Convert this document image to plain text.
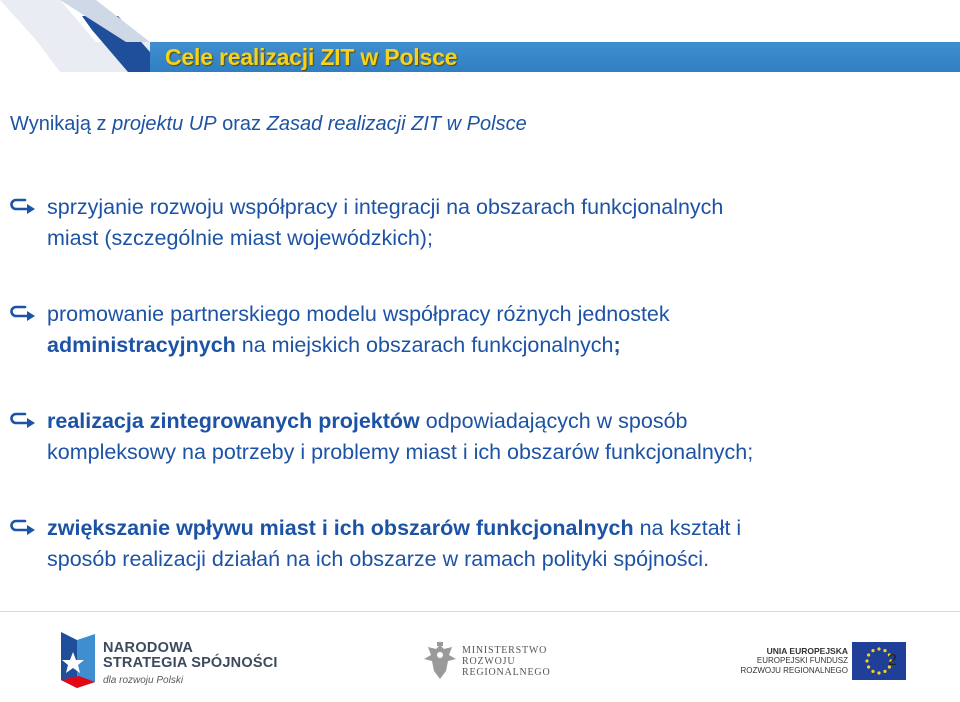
Cele realizacji ZIT w Polsce
Wynikają z projektu UP oraz Zasad realizacji ZIT w Polsce
sprzyjanie rozwoju współpracy i integracji na obszarach funkcjonalnych
miast (szczególnie miast wojewódzkich);
promowanie partnerskiego modelu współpracy różnych jednostek
administracyjnych na miejskich obszarach funkcjonalnych;
realizacja zintegrowanych projektów odpowiadających w sposób
kompleksowy na potrzeby i problemy miast i ich obszarów funkcjonalnych;
zwiększanie wpływu miast i ich obszarów funkcjonalnych na kształt i
sposób realizacji działań na ich obszarze w ramach polityki spójności.
NARODOWA
STRATEGIA SPÓJNOŚCI
dla rozwoju Polski
MINISTERSTWO
ROZWOJU
REGIONALNEGO
UNIA EUROPEJSKA
EUROPEJSKI FUNDUSZ
ROZWOJU REGIONALNEGO
2
